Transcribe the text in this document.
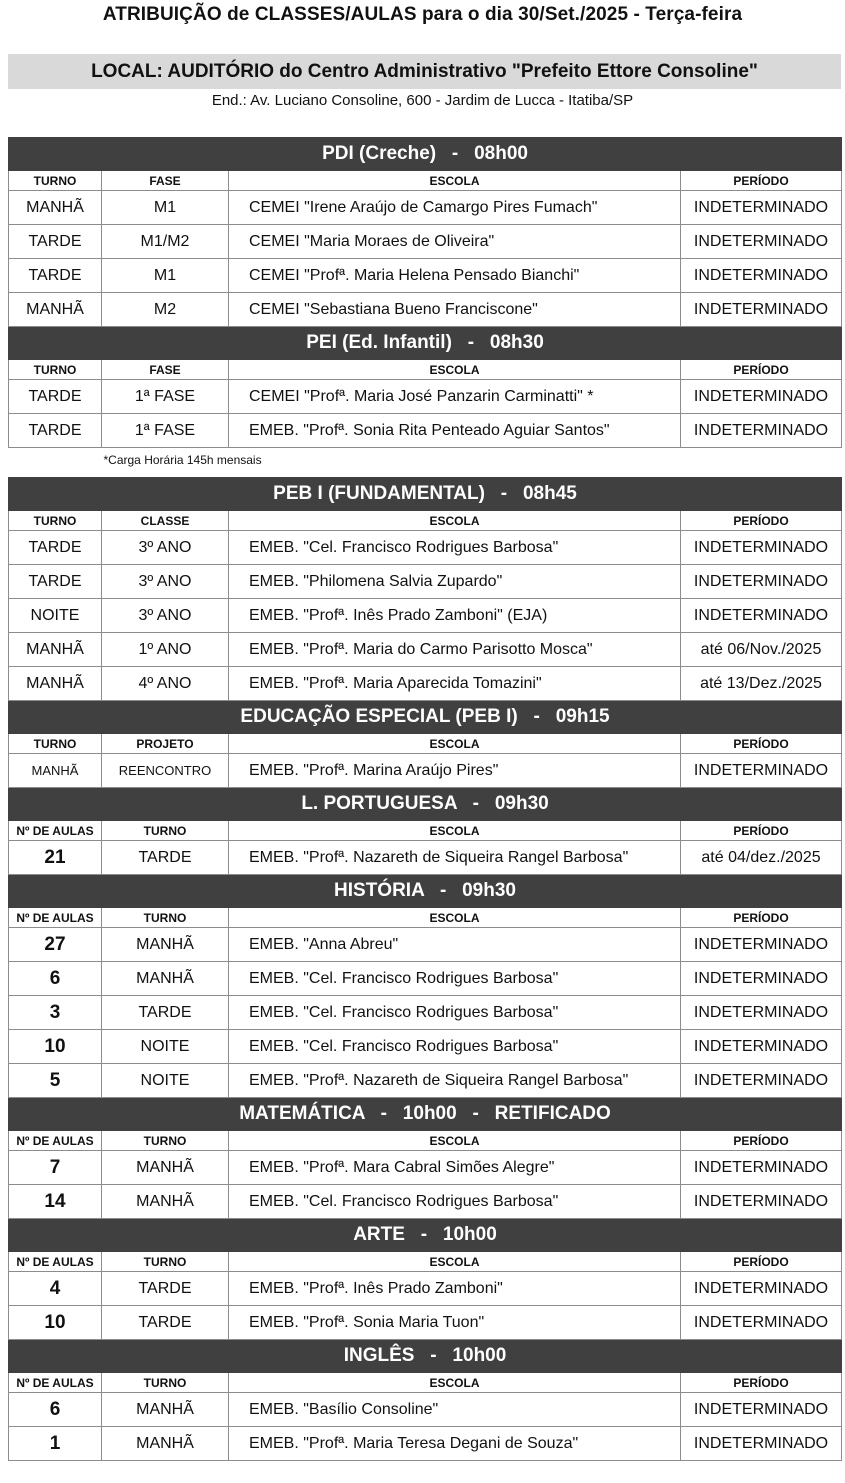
ATRIBUIÇÃO de CLASSES/AULAS para o dia 30/Set./2025 - Terça-feira
LOCAL: AUDITÓRIO do Centro Administrativo "Prefeito Ettore Consoline"
End.: Av. Luciano Consoline, 600 - Jardim de Lucca - Itatiba/SP
PDI (Creche)   -   08h00			
TURNO	FASE	ESCOLA	PERÍODO
MANHÃ	M1	CEMEI "Irene Araújo de Camargo Pires Fumach"	INDETERMINADO
TARDE	M1/M2	CEMEI "Maria Moraes de Oliveira"	INDETERMINADO
TARDE	M1	CEMEI "Profª. Maria Helena Pensado Bianchi"	INDETERMINADO
MANHÃ	M2	CEMEI "Sebastiana Bueno Franciscone"	INDETERMINADO
PEI (Ed. Infantil)   -   08h30			
TURNO	FASE	ESCOLA	PERÍODO
TARDE	1ª FASE	CEMEI "Profª. Maria José Panzarin Carminatti" *	INDETERMINADO
TARDE	1ª FASE	EMEB. "Profª. Sonia Rita Penteado Aguiar Santos"	INDETERMINADO
*Carga Horária 145h mensais			

PEB I (FUNDAMENTAL)   -   08h45			
TURNO	CLASSE	ESCOLA	PERÍODO
TARDE	3º ANO	EMEB. "Cel. Francisco Rodrigues Barbosa"	INDETERMINADO
TARDE	3º ANO	EMEB. "Philomena Salvia Zupardo"	INDETERMINADO
NOITE	3º ANO	EMEB. "Profª. Inês Prado Zamboni" (EJA)	INDETERMINADO
MANHÃ	1º ANO	EMEB. "Profª. Maria do Carmo Parisotto Mosca"	até 06/Nov./2025
MANHÃ	4º ANO	EMEB. "Profª. Maria Aparecida Tomazini"	até 13/Dez./2025
EDUCAÇÃO ESPECIAL (PEB I)   -   09h15			
TURNO	PROJETO	ESCOLA	PERÍODO
MANHÃ	REENCONTRO	EMEB. "Profª. Marina Araújo Pires"	INDETERMINADO
L. PORTUGUESA   -   09h30			
Nº DE AULAS	TURNO	ESCOLA	PERÍODO
21	TARDE	EMEB. "Profª. Nazareth de Siqueira Rangel Barbosa"	até 04/dez./2025
HISTÓRIA   -   09h30			
Nº DE AULAS	TURNO	ESCOLA	PERÍODO
27	MANHÃ	EMEB. "Anna Abreu"	INDETERMINADO
6	MANHÃ	EMEB. "Cel. Francisco Rodrigues Barbosa"	INDETERMINADO
3	TARDE	EMEB. "Cel. Francisco Rodrigues Barbosa"	INDETERMINADO
10	NOITE	EMEB. "Cel. Francisco Rodrigues Barbosa"	INDETERMINADO
5	NOITE	EMEB. "Profª. Nazareth de Siqueira Rangel Barbosa"	INDETERMINADO
MATEMÁTICA   -   10h00   -   RETIFICADO			
Nº DE AULAS	TURNO	ESCOLA	PERÍODO
7	MANHÃ	EMEB. "Profª. Mara Cabral Simões Alegre"	INDETERMINADO
14	MANHÃ	EMEB. "Cel. Francisco Rodrigues Barbosa"	INDETERMINADO
ARTE   -   10h00			
Nº DE AULAS	TURNO	ESCOLA	PERÍODO
4	TARDE	EMEB. "Profª. Inês Prado Zamboni"	INDETERMINADO
10	TARDE	EMEB. "Profª. Sonia Maria Tuon"	INDETERMINADO
INGLÊS   -   10h00			
Nº DE AULAS	TURNO	ESCOLA	PERÍODO
6	MANHÃ	EMEB. "Basílio Consoline"	INDETERMINADO
1	MANHÃ	EMEB. "Profª. Maria Teresa Degani de Souza"	INDETERMINADO
